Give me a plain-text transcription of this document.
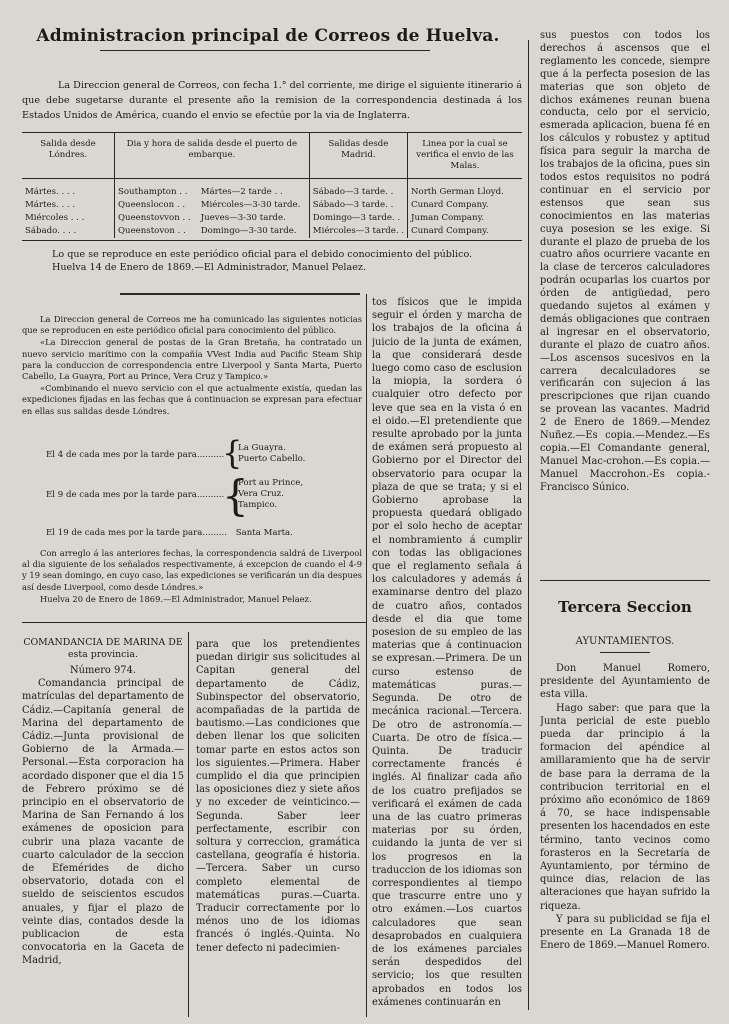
Administracion principal de Correos de Huelva.
La Direccion general de Correos, con fecha 1.° del corriente, me dirige el siguiente itinerario á que debe sugetarse durante el presente año la remision de la correspondencia destinada á los Estados Unidos de América, cuando el envio se efectúe por la via de Inglaterra.
Salida desde Lóndres.	Dia y hora de salida desde el puerto de embarque.		Salidas desde Madrid.	Linea por la cual se verifica el envio de las Malas.
Mártes. . . .	Southampton . .	Mártes—2 tarde . .	Sábado—3 tarde. .	North German Lloyd.
Mártes. . . .	Queenslocon . .	Miércoles—3-30 tarde.	Sábado—3 tarde. .	Cunard Company.
Miércoles . . .	Queenstovvon . .	Jueves—3-30 tarde.	Domingo—3 tarde. .	Juman Company.
Sábado. . . .	Queenstovon . .	Domingo—3-30 tarde.	Miércoles—3 tarde. .	Cunard Company.
Lo que se reproduce en este periódico oficial para el debido conocimiento del público.
Huelva 14 de Enero de 1869.—El Administrador, Manuel Pelaez.

La Direccion general de Correos me ha comunicado las siguientes noticias que se reproducen en este periódico oficial para conocimiento del público.

«La Direccion general de postas de la Gran Bretaña, ha contratado un nuevo servicio marítimo con la compañía VVest India aud Pacific Steam Ship para la conduccion de correspondencia entre Liverpool y Santa Marta, Puerto Cabello, La Guayra, Port au Prince, Vera Cruz y Tampico.»

«Combinando el nuevo servicio con el que actualmente existía, quedan las expediciones fijadas en las fechas que á continuacion se expresan para efectuar en ellas sus salidas desde Lóndres.

El 4 de cada mes por la tarde para..........
{
La Guayra.
Puerto Cabello.
El 9 de cada mes por la tarde para..........
{
Port au Prince,
Vera Cruz.
Tampico.
El 19 de cada mes por la tarde para......... Santa Marta.

Con arreglo á las anteriores fechas, la correspondencia saldrá de Liverpool al dia siguiente de los señalados respectivamente, á excepcion de cuando el 4-9 y 19 sean domingo, en cuyo caso, las expediciones se verificarán un dia despues así desde Liverpool, como desde Lóndres.»

Huelva 20 de Enero de 1869.—El Administrador, Manuel Pelaez.

tos físicos que le impida seguir el órden y marcha de los trabajos de la oficina á juicio de la junta de exámen, la que considerará desde luego como caso de esclusion la miopia, la sordera ó cualquier otro defecto por leve que sea en la vista ó en el oido.—El pretendiente que resulte aprobado por la junta de exámen será propuesto al Gobierno por el Director del observatorio para ocupar la plaza de que se trata; y si el Gobierno aprobase la propuesta quedará obligado por el solo hecho de aceptar el nombramiento á cumplir con todas las obligaciones que el reglamento señala á los calculadores y además á examinarse dentro del plazo de cuatro años, contados desde el dia que tome posesion de su empleo de las materias que á continuacion se expresan.—Primera. De un curso estenso de matemáticas puras.—Segunda. De otro de mecánica racional.—Tercera. De otro de astronomía.—Cuarta. De otro de física.—Quinta. De traducir correctamente francés é inglés. Al finalizar cada año de los cuatro prefijados se verificará el exámen de cada una de las cuatro primeras materias por su órden, cuidando la junta de ver si los progresos en la traduccion de los idiomas son correspondientes al tiempo que trascurre entre uno y otro exámen.—Los cuartos calculadores que sean desaprobados en cualquiera de los exámenes parciales serán despedidos del servicio; los que resulten aprobados en todos los exámenes continuarán en

COMANDANCIA DE MARINA DE
esta provincia.

Número 974.

Comandancia principal de matrículas del departamento de Cádiz.—Capitanía general de Marina del departamento de Cádiz.—Junta provisional de Gobierno de la Armada.—Personal.—Esta corporacion ha acordado disponer que el dia 15 de Febrero próximo se dé principio en el observatorio de Marina de San Fernando á los exámenes de oposicion para cubrir una plaza vacante de cuarto calculador de la seccion de Efemérides de dicho observatorio, dotada con el sueldo de seiscientos escudos anuales, y fijar el plazo de veinte dias, contados desde la publicacion de esta convocatoria en la Gaceta de Madrid,

para que los pretendientes puedan dirigir sus solicitudes al Capitan general del departamento de Cádiz, Subinspector del observatorio, acompañadas de la partida de bautismo.—Las condiciones que deben llenar los que soliciten tomar parte en estos actos son los siguientes.—Primera. Haber cumplido el dia que principien las oposiciones diez y siete años y no exceder de veinticinco.—Segunda. Saber leer perfectamente, escribir con soltura y correccion, gramática castellana, geografía é historia.—Tercera. Saber un curso completo elemental de matemáticas puras.—Cuarta. Traducir correctamente por lo ménos uno de los idiomas francés ó inglés.-Quinta. No tener defecto ni padecimien-

sus puestos con todos los derechos á ascensos que el reglamento les concede, siempre que á la perfecta posesion de las materias que son objeto de dichos exámenes reunan buena conducta, celo por el servicio, esmerada aplicacion, buena fé en los cálculos y robustez y aptitud física para seguir la marcha de los trabajos de la oficina, pues sin todos estos requisitos no podrá continuar en el servicio por estensos que sean sus conocimientos en las materias cuya posesion se les exige. Si durante el plazo de prueba de los cuatro años ocurriere vacante en la clase de terceros calculadores podrán ocuparlas los cuartos por órden de antigüedad, pero quedando sujetos al exámen y demás obligaciones que contraen al ingresar en el observatorio, durante el plazo de cuatro años.—Los ascensos sucesivos en la carrera decalculadores se verificarán con sujecion á las prescripciones que rijan cuando se provean las vacantes. Madrid 2 de Enero de 1869.—Mendez Nuñez.—Es copia.—Mendez.—Es copia.—El Comandante general, Manuel Mac-crohon.—Es copia.—Manuel Maccrohon.-Es copia.-Francisco Súnico.

Tercera Seccion
AYUNTAMIENTOS.

Don Manuel Romero, presidente del Ayuntamiento de esta villa.

Hago saber: que para que la Junta pericial de este pueblo pueda dar principio á la formacion del apéndice al amillaramiento que ha de servir de base para la derrama de la contribucion territorial en el próximo año económico de 1869 á 70, se hace indispensable presenten los hacendados en este término, tanto vecinos como forasteros en la Secretaría de Ayuntamiento, por término de quince dias, relacion de las alteraciones que hayan sufrido la riqueza.

Y para su publicidad se fija el presente en La Granada 18 de Enero de 1869.—Manuel Romero.
